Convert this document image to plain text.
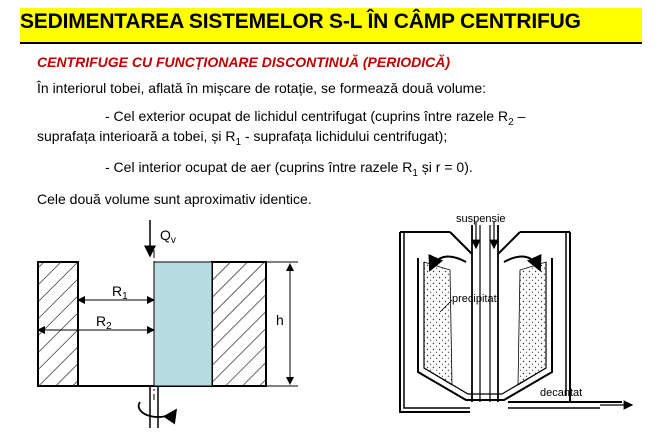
SEDIMENTAREA SISTEMELOR S-L ÎN CÂMP CENTRIFUG
CENTRIFUGE CU FUNCȚIONARE DISCONTINUĂ (PERIODICĂ)
În interiorul tobei, aflată în mișcare de rotație, se formează două volume:
- Cel exterior ocupat de lichidul centrifugat (cuprins între razele $R_2$ –
suprafața interioară a tobei, și $R_1$ - suprafața lichidului centrifugat);
- Cel interior ocupat de aer (cuprins între razele $R_1$ și r = 0).
Cele două volume sunt aproximativ identice.
$Q_v$
$R_1$
$R_2$	h
suspensie
precipitat
decantat
